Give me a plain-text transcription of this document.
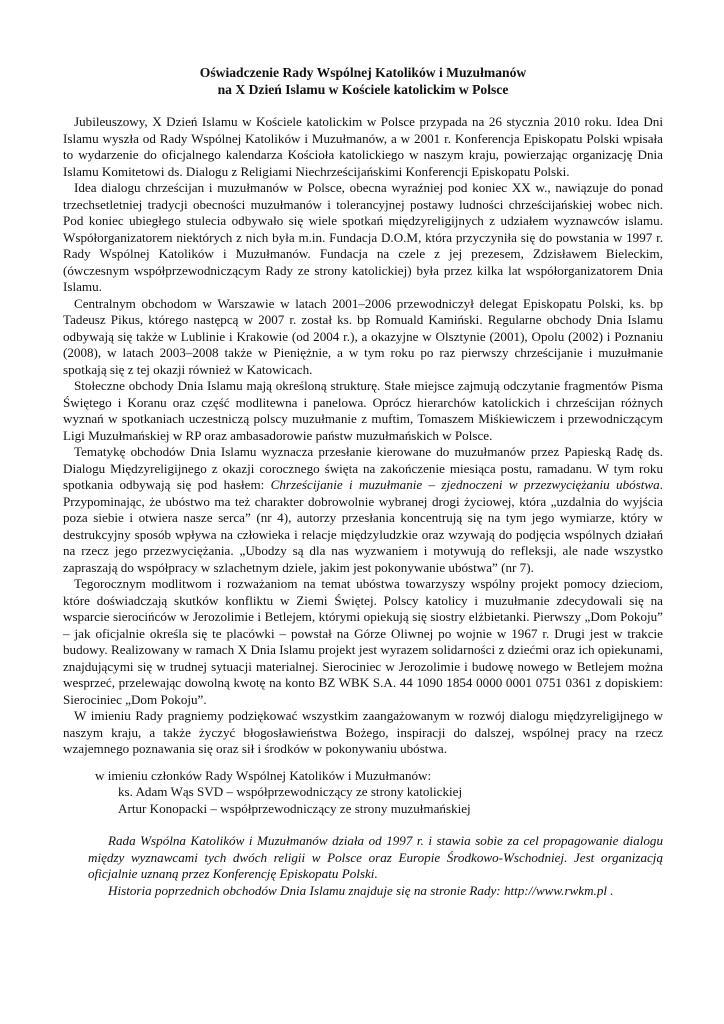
Oświadczenie Rady Wspólnej Katolików i Muzułmanów
na X Dzień Islamu w Kościele katolickim w Polsce

Jubileuszowy, X Dzień Islamu w Kościele katolickim w Polsce przypada na 26 stycznia 2010 roku. Idea Dni Islamu wyszła od Rady Wspólnej Katolików i Muzułmanów, a w 2001 r. Konferencja Episkopatu Polski wpisała to wydarzenie do oficjalnego kalendarza Kościoła katolickiego w naszym kraju, powierzając organizację Dnia Islamu Komitetowi ds. Dialogu z Religiami Niechrześcijańskimi Konferencji Episkopatu Polski.

Idea dialogu chrześcijan i muzułmanów w Polsce, obecna wyraźniej pod koniec XX w., nawiązuje do ponad trzechsetletniej tradycji obecności muzułmanów i tolerancyjnej postawy ludności chrześcijańskiej wobec nich. Pod koniec ubiegłego stulecia odbywało się wiele spotkań międzyreligijnych z udziałem wyznawców islamu. Współorganizatorem niektórych z nich była m.in. Fundacja D.O.M, która przyczyniła się do powstania w 1997 r. Rady Wspólnej Katolików i Muzułmanów. Fundacja na czele z jej prezesem, Zdzisławem Bieleckim, (ówczesnym współprzewodniczącym Rady ze strony katolickiej) była przez kilka lat współorganizatorem Dnia Islamu.

Centralnym obchodom w Warszawie w latach 2001–2006 przewodniczył delegat Episkopatu Polski, ks. bp Tadeusz Pikus, którego następcą w 2007 r. został ks. bp Romuald Kamiński. Regularne obchody Dnia Islamu odbywają się także w Lublinie i Krakowie (od 2004 r.), a okazyjne w Olsztynie (2001), Opolu (2002) i Poznaniu (2008), w latach 2003–2008 także w Pieniężnie, a w tym roku po raz pierwszy chrześcijanie i muzułmanie spotkają się z tej okazji również w Katowicach.

Stołeczne obchody Dnia Islamu mają określoną strukturę. Stałe miejsce zajmują odczytanie fragmentów Pisma Świętego i Koranu oraz część modlitewna i panelowa. Oprócz hierarchów katolickich i chrześcijan różnych wyznań w spotkaniach uczestniczą polscy muzułmanie z muftim, Tomaszem Miśkiewiczem i przewodniczącym Ligi Muzułmańskiej w RP oraz ambasadorowie państw muzułmańskich w Polsce.

Tematykę obchodów Dnia Islamu wyznacza przesłanie kierowane do muzułmanów przez Papieską Radę ds. Dialogu Międzyreligijnego z okazji corocznego święta na zakończenie miesiąca postu, ramadanu. W tym roku spotkania odbywają się pod hasłem: Chrześcijanie i muzułmanie – zjednoczeni w przezwyciężaniu ubóstwa. Przypominając, że ubóstwo ma też charakter dobrowolnie wybranej drogi życiowej, która „uzdalnia do wyjścia poza siebie i otwiera nasze serca” (nr 4), autorzy przesłania koncentrują się na tym jego wymiarze, który w destrukcyjny sposób wpływa na człowieka i relacje międzyludzkie oraz wzywają do podjęcia wspólnych działań na rzecz jego przezwyciężania. „Ubodzy są dla nas wyzwaniem i motywują do refleksji, ale nade wszystko zapraszają do współpracy w szlachetnym dziele, jakim jest pokonywanie ubóstwa” (nr 7).

Tegorocznym modlitwom i rozważaniom na temat ubóstwa towarzyszy wspólny projekt pomocy dzieciom, które doświadczają skutków konfliktu w Ziemi Świętej. Polscy katolicy i muzułmanie zdecydowali się na wsparcie sierocińców w Jerozolimie i Betlejem, którymi opiekują się siostry elżbietanki. Pierwszy „Dom Pokoju” – jak oficjalnie określa się te placówki – powstał na Górze Oliwnej po wojnie w 1967 r. Drugi jest w trakcie budowy. Realizowany w ramach X Dnia Islamu projekt jest wyrazem solidarności z dziećmi oraz ich opiekunami, znajdującymi się w trudnej sytuacji materialnej. Sierociniec w Jerozolimie i budowę nowego w Betlejem można wesprzeć, przelewając dowolną kwotę na konto BZ WBK S.A. 44 1090 1854 0000 0001 0751 0361 z dopiskiem: Sierociniec „Dom Pokoju”.

W imieniu Rady pragniemy podziękować wszystkim zaangażowanym w rozwój dialogu międzyreligijnego w naszym kraju, a także życzyć błogosławieństwa Bożego, inspiracji do dalszej, wspólnej pracy na rzecz wzajemnego poznawania się oraz sił i środków w pokonywaniu ubóstwa.

w imieniu członków Rady Wspólnej Katolików i Muzułmanów:
ks. Adam Wąs SVD – współprzewodniczący ze strony katolickiej
Artur Konopacki – współprzewodniczący ze strony muzułmańskiej
Rada Wspólna Katolików i Muzułmanów działa od 1997 r. i stawia sobie za cel propagowanie dialogu między wyznawcami tych dwóch religii w Polsce oraz Europie Środkowo-Wschodniej. Jest organizacją oficjalnie uznaną przez Konferencję Episkopatu Polski.
Historia poprzednich obchodów Dnia Islamu znajduje się na stronie Rady: http://www.rwkm.pl .
